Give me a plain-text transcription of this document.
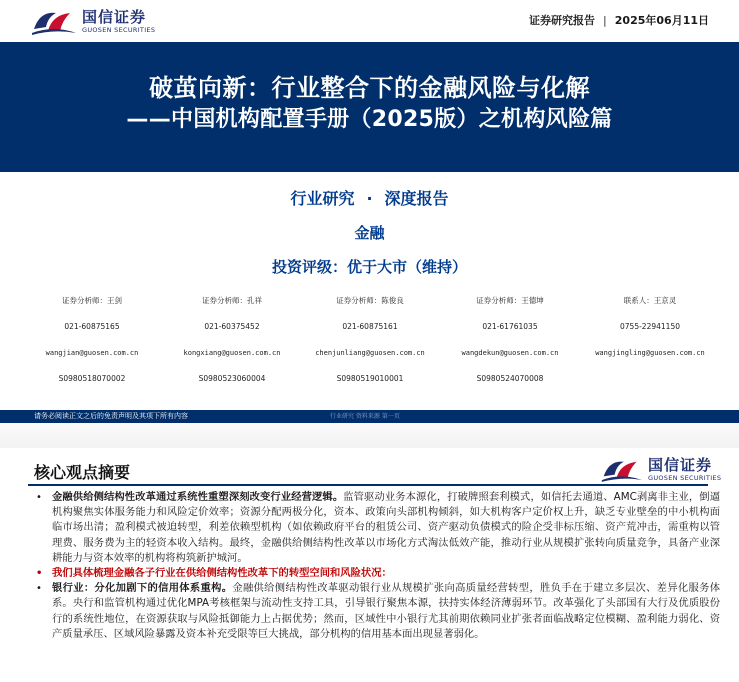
国信证券
GUOSEN SECURITIES
证券研究报告 | 2025年06月11日
破茧向新：行业整合下的金融风险与化解
——中国机构配置手册（2025版）之机构风险篇
行业研究 · 深度报告
金融
投资评级：优于大市（维持）
证券分析师：王剑
021-60875165
wangjian@guosen.com.cn
S0980518070002
证券分析师：孔祥
021-60375452
kongxiang@guosen.com.cn
S0980523060004
证券分析师：陈俊良
021-60875161
chenjunliang@guosen.com.cn
S0980519010001
证券分析师：王德坤
021-61761035
wangdekun@guosen.com.cn
S0980524070008
联系人：王京灵
0755-22941150
wangjingling@guosen.com.cn
请务必阅读正文之后的免责声明及其项下所有内容	行业研究 资料来源 第一页
核心观点摘要	国信证券
GUOSEN SECURITIES
• 金融供给侧结构性改革通过系统性重塑深刻改变行业经营逻辑。监管驱动业务本源化，打破牌照套利模式，如信托去通道、AMC剥离非主业，倒逼机构聚焦实体服务能力和风险定价效率；资源分配两极分化，资本、政策向头部机构倾斜，如大机构客户定价权上升，缺乏专业壁垒的中小机构面临市场出清；盈利模式被迫转型，利差依赖型机构（如依赖政府平台的租赁公司、资产驱动负债模式的险企受非标压缩、资产荒冲击，需重构以管理费、服务费为主的轻资本收入结构。最终，金融供给侧结构性改革以市场化方式淘汰低效产能，推动行业从规模扩张转向质量竞争，具备产业深耕能力与资本效率的机构将构筑新护城河。
• 我们具体梳理金融各子行业在供给侧结构性改革下的转型空间和风险状况：
• 银行业：分化加剧下的信用体系重构。金融供给侧结构性改革驱动银行业从规模扩张向高质量经营转型，胜负手在于建立多层次、差异化服务体系。央行和监管机构通过优化MPA考核框架与流动性支持工具，引导银行聚焦本源，扶持实体经济薄弱环节。改革强化了头部国有大行及优质股份行的系统性地位，在资源获取与风险抵御能力上占据优势；然而，区域性中小银行尤其前期依赖同业扩张者面临战略定位模糊、盈利能力弱化、资产质量承压、区域风险暴露及资本补充受限等巨大挑战，部分机构的信用基本面出现显著弱化。
